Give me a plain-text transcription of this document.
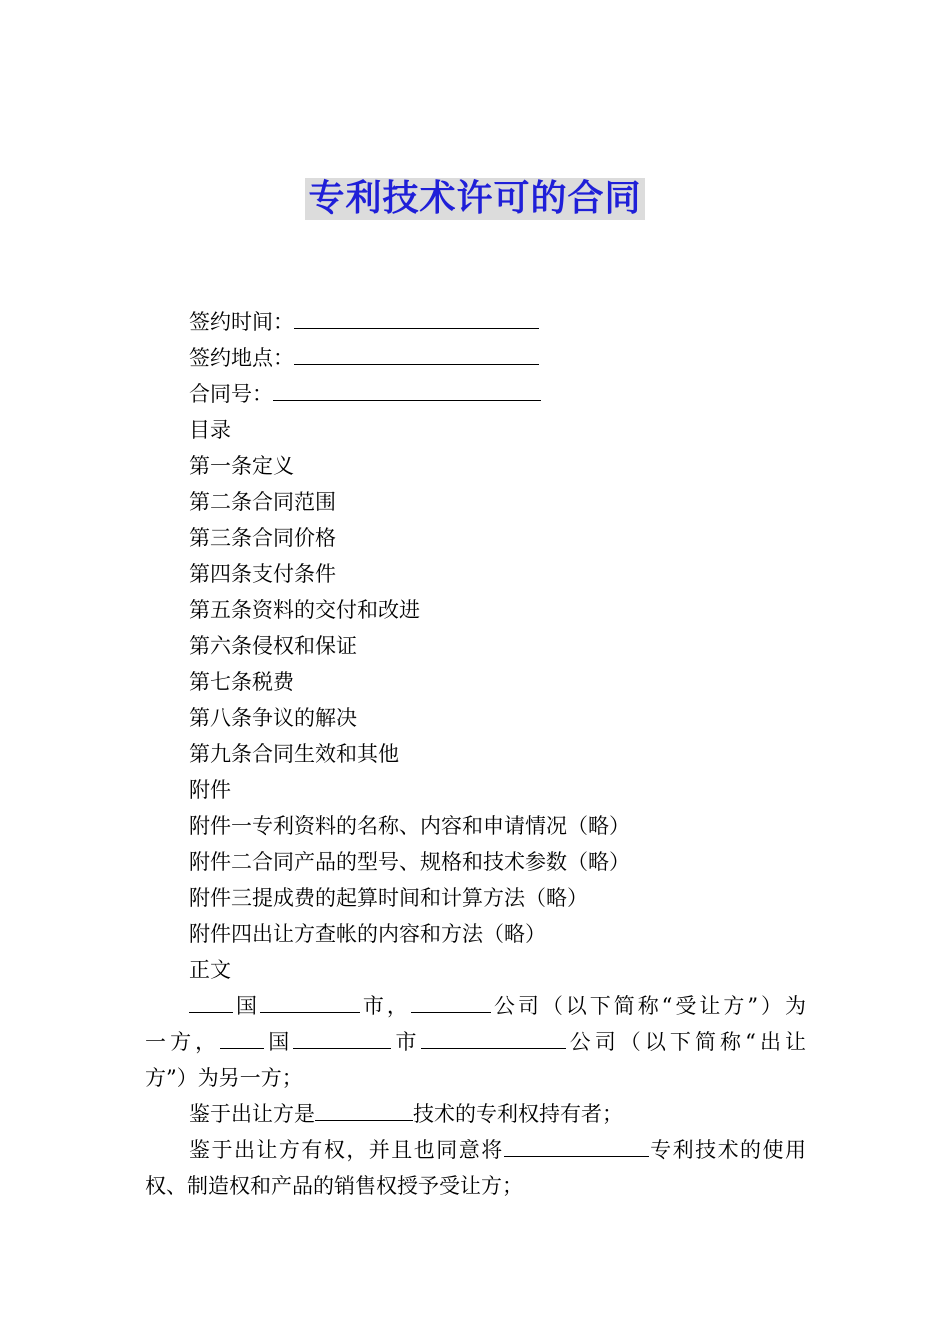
专利技术许可的合同
签约时间：
签约地点：
合同号：
目录
第一条定义
第二条合同范围
第三条合同价格
第四条支付条件
第五条资料的交付和改进
第六条侵权和保证
第七条税费
第八条争议的解决
第九条合同生效和其他
附件
附件一专利资料的名称、内容和申请情况（略）
附件二合同产品的型号、规格和技术参数（略）
附件三提成费的起算时间和计算方法（略）
附件四出让方查帐的内容和方法（略）
正文
国	市，	公司（以下简称“受让方”）为
一方， 国	市	公司（以下简称“出让
方”）为另一方；
鉴于出让方是	技术的专利权持有者；
鉴于出让方有权，并且也同意将	专利技术的使用
权、制造权和产品的销售权授予受让方；
